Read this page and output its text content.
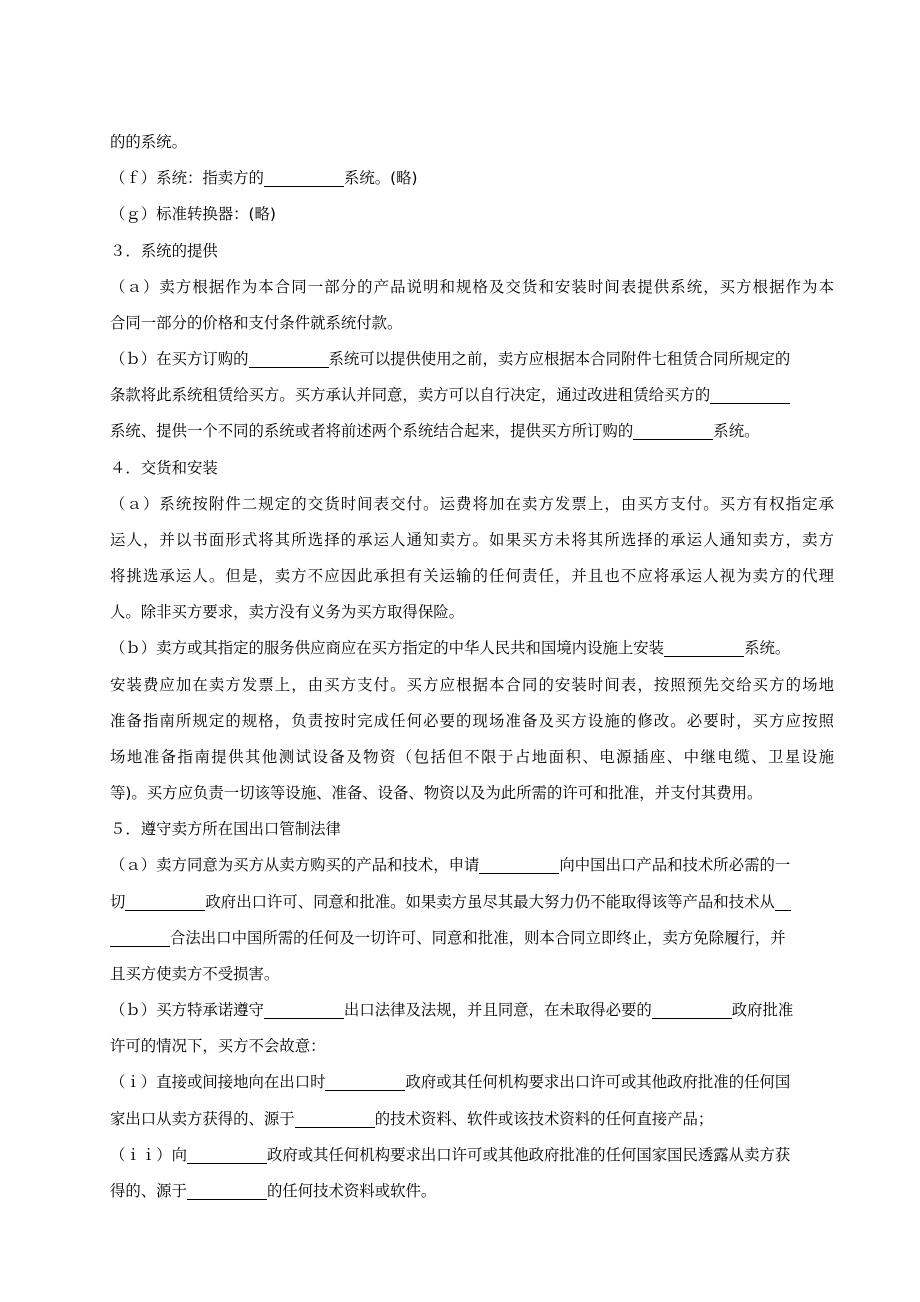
的的系统。
（ｆ）系统：指卖方的	系统。(略)
（ｇ）标准转换器：(略)
３．系统的提供
（ａ）卖方根据作为本合同一部分的产品说明和规格及交货和安装时间表提供系统，买方根据作为本
合同一部分的价格和支付条件就系统付款。
（ｂ）在买方订购的	系统可以提供使用之前，卖方应根据本合同附件七租赁合同所规定的
条款将此系统租赁给买方。买方承认并同意，卖方可以自行决定，通过改进租赁给买方的
系统、提供一个不同的系统或者将前述两个系统结合起来，提供买方所订购的	系统。
４．交货和安装
（ａ）系统按附件二规定的交货时间表交付。运费将加在卖方发票上，由买方支付。买方有权指定承
运人，并以书面形式将其所选择的承运人通知卖方。如果买方未将其所选择的承运人通知卖方，卖方
将挑选承运人。但是，卖方不应因此承担有关运输的任何责任，并且也不应将承运人视为卖方的代理
人。除非买方要求，卖方没有义务为买方取得保险。
（ｂ）卖方或其指定的服务供应商应在买方指定的中华人民共和国境内设施上安装	系统。
安装费应加在卖方发票上，由买方支付。买方应根据本合同的安装时间表，按照预先交给买方的场地
准备指南所规定的规格，负责按时完成任何必要的现场准备及买方设施的修改。必要时，买方应按照
场地准备指南提供其他测试设备及物资（包括但不限于占地面积、电源插座、中继电缆、卫星设施
等)。买方应负责一切该等设施、准备、设备、物资以及为此所需的许可和批准，并支付其费用。
５．遵守卖方所在国出口管制法律
（ａ）卖方同意为买方从卖方购买的产品和技术，申请	向中国出口产品和技术所必需的一
切	政府出口许可、同意和批准。如果卖方虽尽其最大努力仍不能取得该等产品和技术从
合法出口中国所需的任何及一切许可、同意和批准，则本合同立即终止，卖方免除履行，并
且买方使卖方不受损害。
（ｂ）买方特承诺遵守	出口法律及法规，并且同意，在未取得必要的	政府批准
许可的情况下，买方不会故意：
（ｉ）直接或间接地向在出口时	政府或其任何机构要求出口许可或其他政府批准的任何国
家出口从卖方获得的、源于	的技术资料、软件或该技术资料的任何直接产品；
（ｉｉ）向	政府或其任何机构要求出口许可或其他政府批准的任何国家国民透露从卖方获
得的、源于	的任何技术资料或软件。
